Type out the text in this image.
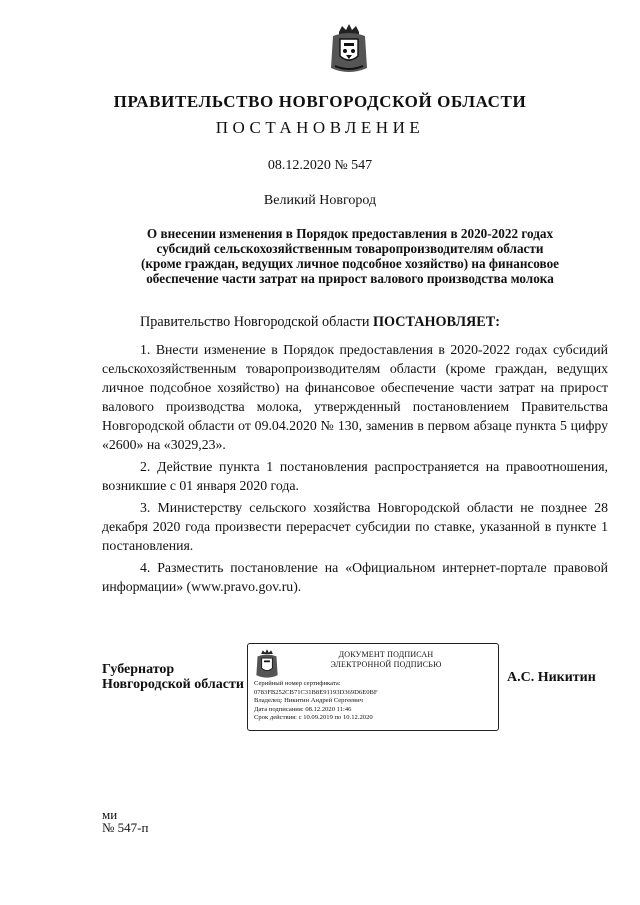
ПРАВИТЕЛЬСТВО НОВГОРОДСКОЙ ОБЛАСТИ
ПОСТАНОВЛЕНИЕ
08.12.2020 № 547
Великий Новгород
О внесении изменения в Порядок предоставления в 2020-2022 годах
субсидий сельскохозяйственным товаропроизводителям области
(кроме граждан, ведущих личное подсобное хозяйство) на финансовое
обеспечение части затрат на прирост валового производства молока
Правительство Новгородской области ПОСТАНОВЛЯЕТ:

1. Внести изменение в Порядок предоставления в 2020-2022 годах субсидий сельскохозяйственным товаропроизводителям области (кроме граждан, ведущих личное подсобное хозяйство) на финансовое обеспечение части затрат на прирост валового производства молока, утвержденный постановлением Правительства Новгородской области от 09.04.2020 № 130, заменив в первом абзаце пункта 5 цифру «2600» на «3029,23».

2. Действие пункта 1 постановления распространяется на правоотношения, возникшие с 01 января 2020 года.

3. Министерству сельского хозяйства Новгородской области не позднее 28 декабря 2020 года произвести перерасчет субсидии по ставке, указанной в пункте 1 постановления.

4. Разместить постановление на «Официальном интернет-портале правовой информации» (www.pravo.gov.ru).

Губернатор
Новгородской области
ДОКУМЕНТ ПОДПИСАН
ЭЛЕКТРОННОЙ ПОДПИСЬЮ
Серийный номер сертификата:
0783FB252CB71C31B8E91193D369D6E0BF
Владелец: Никитин Андрей Сергеевич
Дата подписания: 08.12.2020 11:46
Срок действия: с 10.09.2019 по 10.12.2020
А.С. Никитин
ми
№ 547-п
